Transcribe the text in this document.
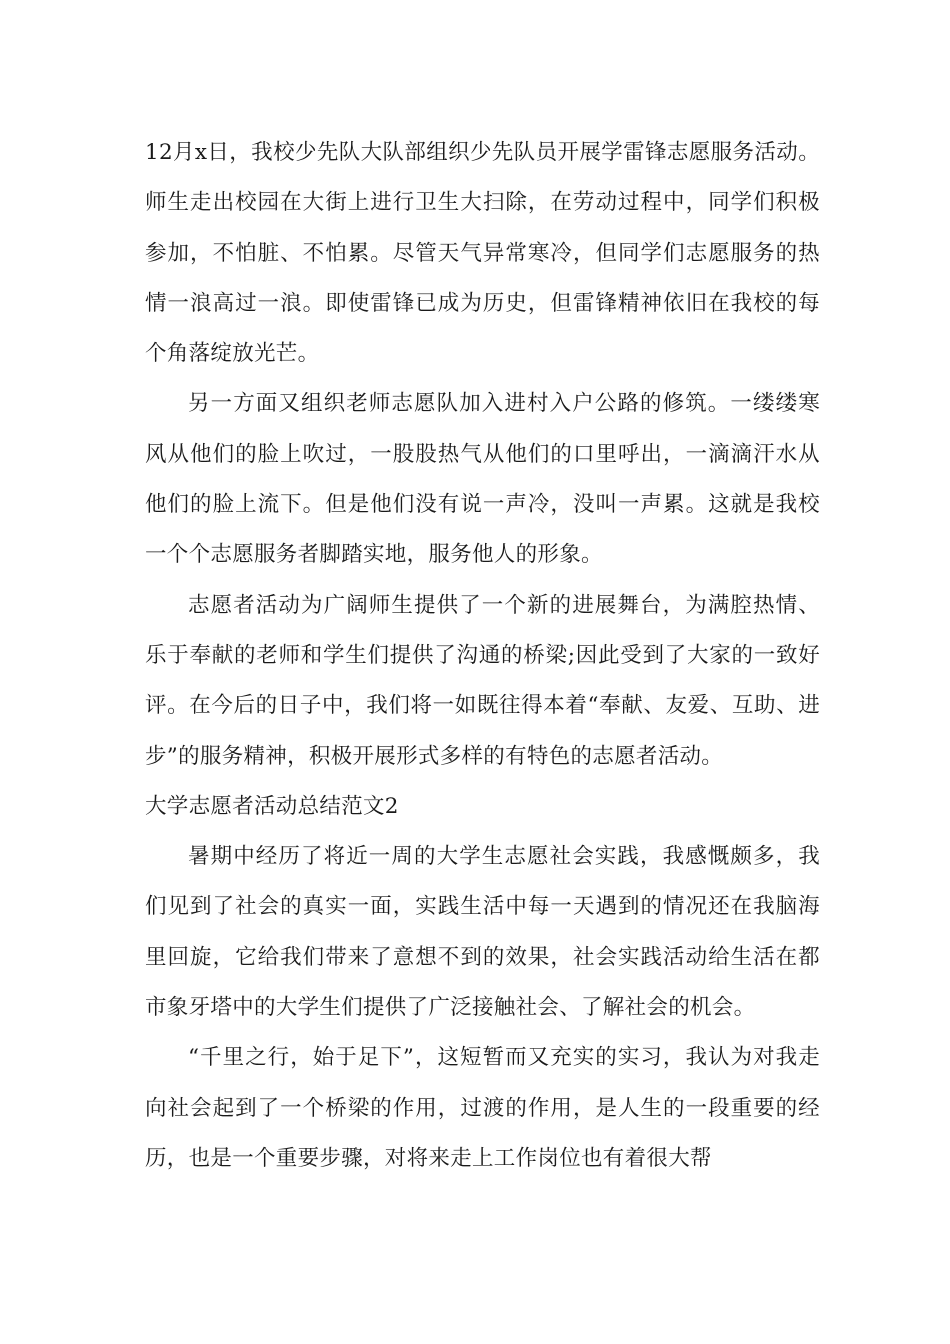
12月x日，我校少先队大队部组织少先队员开展学雷锋志愿服务活动。师生走出校园在大街上进行卫生大扫除，在劳动过程中，同学们积极参加，不怕脏、不怕累。尽管天气异常寒冷，但同学们志愿服务的热情一浪高过一浪。即使雷锋已成为历史，但雷锋精神依旧在我校的每个角落绽放光芒。

另一方面又组织老师志愿队加入进村入户公路的修筑。一缕缕寒风从他们的脸上吹过，一股股热气从他们的口里呼出，一滴滴汗水从他们的脸上流下。但是他们没有说一声冷，没叫一声累。这就是我校一个个志愿服务者脚踏实地，服务他人的形象。

志愿者活动为广阔师生提供了一个新的进展舞台，为满腔热情、乐于奉献的老师和学生们提供了沟通的桥梁;因此受到了大家的一致好评。在今后的日子中，我们将一如既往得本着“奉献、友爱、互助、进步”的服务精神，积极开展形式多样的有特色的志愿者活动。

大学志愿者活动总结范文2

暑期中经历了将近一周的大学生志愿社会实践，我感慨颇多，我们见到了社会的真实一面，实践生活中每一天遇到的情况还在我脑海里回旋，它给我们带来了意想不到的效果，社会实践活动给生活在都市象牙塔中的大学生们提供了广泛接触社会、了解社会的机会。

“千里之行，始于足下”，这短暂而又充实的实习，我认为对我走向社会起到了一个桥梁的作用，过渡的作用，是人生的一段重要的经历，也是一个重要步骤，对将来走上工作岗位也有着很大帮
